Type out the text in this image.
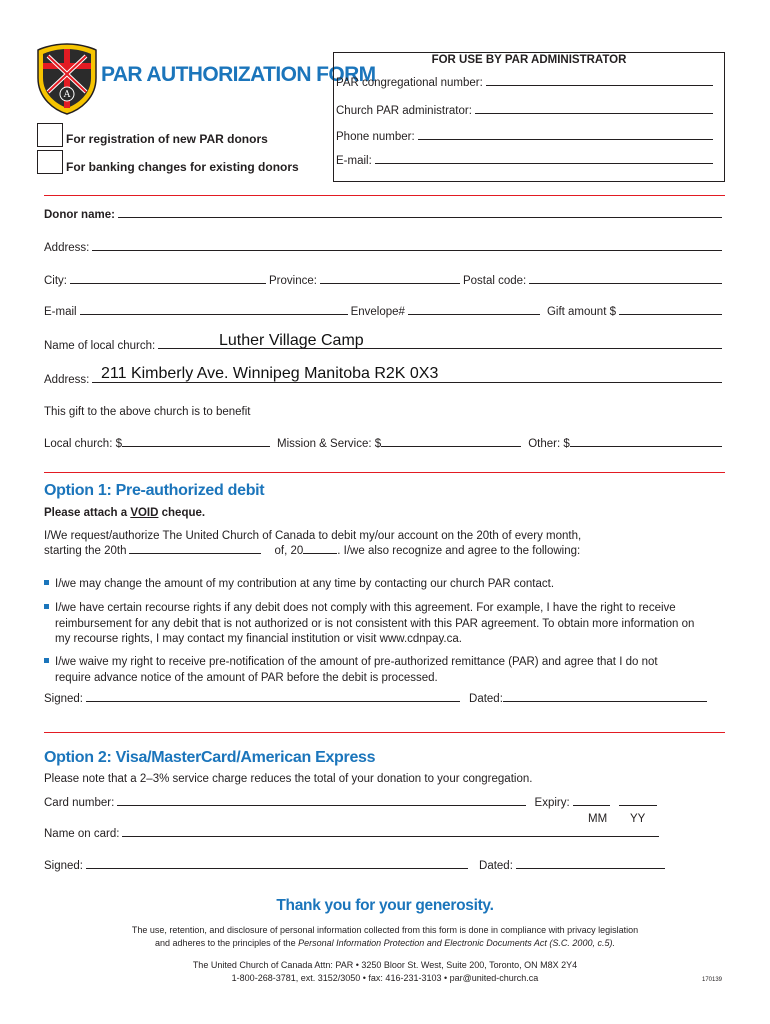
A
PAR AUTHORIZATION FORM
For registration of new PAR donors
For banking changes for existing donors
FOR USE BY PAR ADMINISTRATOR
PAR congregational number:
Church PAR administrator:
Phone number:
E-mail:
Donor name:
Address:
City:	Province:	Postal code:
E-mail	Envelope#	Gift amount $
Name of local church:	Luther Village Camp
Address: 211 Kimberly Ave. Winnipeg Manitoba R2K 0X3
This gift to the above church is to benefit
Local church: $	Mission & Service: $	Other: $
Option 1: Pre-authorized debit
Please attach a VOID cheque.
I/We request/authorize The United Church of Canada to debit my/our account on the 20th of every month,
starting the 20th	of, 20	. I/we also recognize and agree to the following:
I/we may change the amount of my contribution at any time by contacting our church PAR contact.
I/we have certain recourse rights if any debit does not comply with this agreement. For example, I have the right to receive
reimbursement for any debit that is not authorized or is not consistent with this PAR agreement. To obtain more information on
my recourse rights, I may contact my financial institution or visit www.cdnpay.ca.
I/we waive my right to receive pre-notification of the amount of pre-authorized remittance (PAR) and agree that I do not
require advance notice of the amount of PAR before the debit is processed.
Signed:	Dated:
Option 2: Visa/MasterCard/American Express
Please note that a 2–3% service charge reduces the total of your donation to your congregation.
Card number:	Expiry:
MM YY
Name on card:
Signed:	Dated:
Thank you for your generosity.
The use, retention, and disclosure of personal information collected from this form is done in compliance with privacy legislation
and adheres to the principles of the Personal Information Protection and Electronic Documents Act (S.C. 2000, c.5).
The United Church of Canada Attn: PAR • 3250 Bloor St. West, Suite 200, Toronto, ON M8X 2Y4
1-800-268-3781, ext. 3152/3050 • fax: 416-231-3103 • par@united-church.ca	170139
